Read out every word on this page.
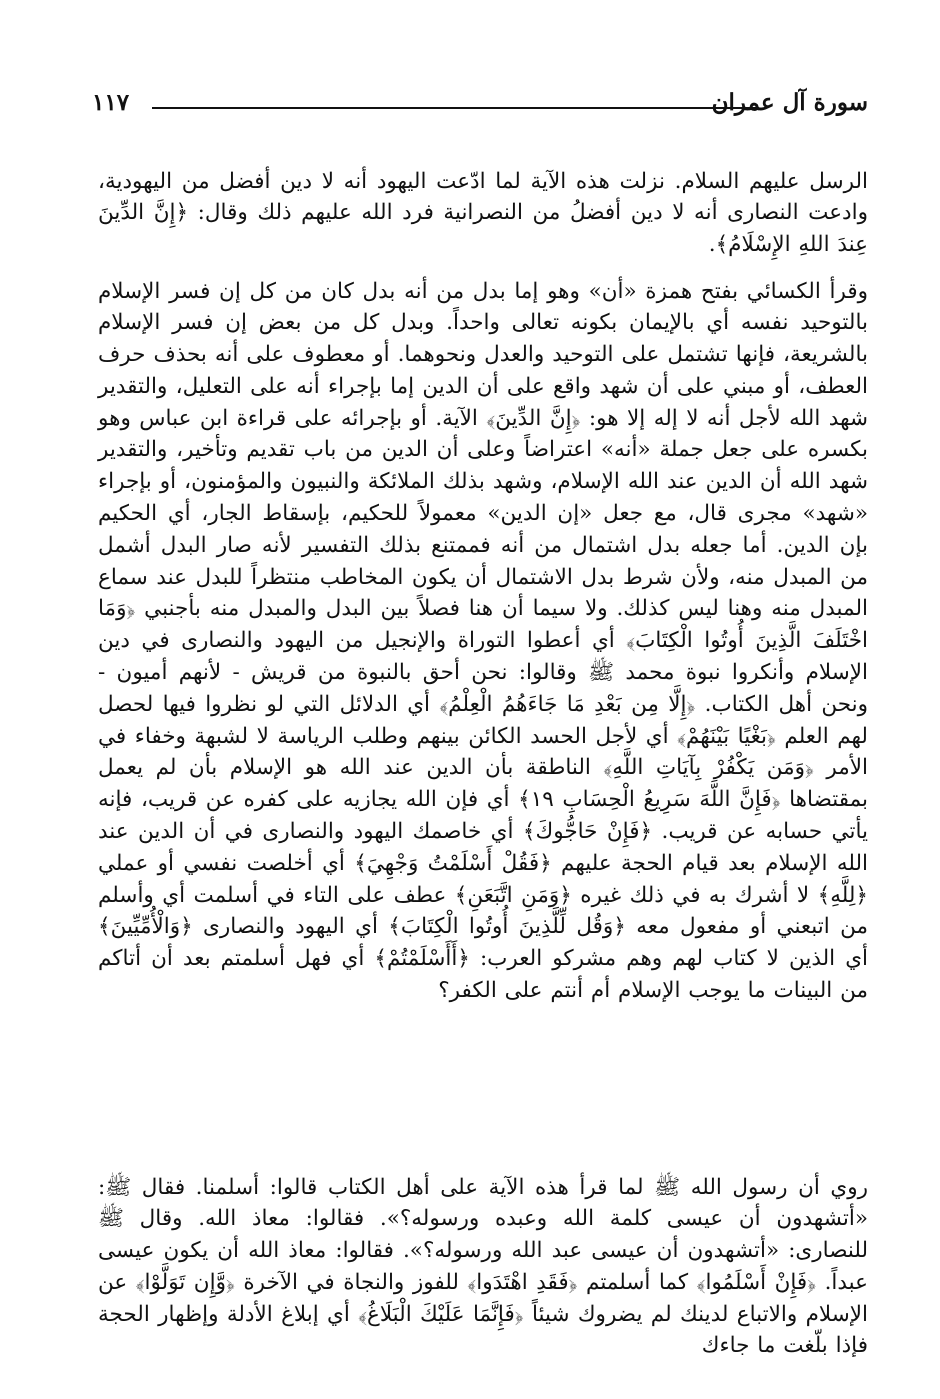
سورة آل عمران
١١٧

الرسل عليهم السلام. نزلت هذه الآية لما ادّعت اليهود أنه لا دين أفضل من اليهودية، وادعت النصارى أنه لا دين أفضلُ من النصرانية فرد الله عليهم ذلك وقال: ﴿إِنَّ الدِّينَ عِندَ اللهِ الإِسْلَامُ﴾.

وقرأ الكسائي بفتح همزة «أن» وهو إما بدل من أنه بدل كان من كل إن فسر الإسلام بالتوحيد نفسه أي بالإيمان بكونه تعالى واحداً. وبدل كل من بعض إن فسر الإسلام بالشريعة، فإنها تشتمل على التوحيد والعدل ونحوهما. أو معطوف على أنه بحذف حرف العطف، أو مبني على أن شهد واقع على أن الدين إما بإجراء أنه على التعليل، والتقدير شهد الله لأجل أنه لا إله إلا هو: ﴿إِنَّ الدِّينَ﴾ الآية. أو بإجرائه على قراءة ابن عباس وهو بكسره على جعل جملة «أنه» اعتراضاً وعلى أن الدين من باب تقديم وتأخير، والتقدير شهد الله أن الدين عند الله الإسلام، وشهد بذلك الملائكة والنبيون والمؤمنون، أو بإجراء «شهد» مجرى قال، مع جعل «إن الدين» معمولاً للحكيم، بإسقاط الجار، أي الحكيم بإن الدين. أما جعله بدل اشتمال من أنه فممتنع بذلك التفسير لأنه صار البدل أشمل من المبدل منه، ولأن شرط بدل الاشتمال أن يكون المخاطب منتظراً للبدل عند سماع المبدل منه وهنا ليس كذلك. ولا سيما أن هنا فصلاً بين البدل والمبدل منه بأجنبي ﴿وَمَا اخْتَلَفَ الَّذِينَ أُوتُوا الْكِتَابَ﴾ أي أعطوا التوراة والإنجيل من اليهود والنصارى في دين الإسلام وأنكروا نبوة محمد ﷺ وقالوا: نحن أحق بالنبوة من قريش - لأنهم أميون - ونحن أهل الكتاب. ﴿إِلَّا مِن بَعْدِ مَا جَاءَهُمُ الْعِلْمُ﴾ أي الدلائل التي لو نظروا فيها لحصل لهم العلم ﴿بَغْيًا بَيْنَهُمْ﴾ أي لأجل الحسد الكائن بينهم وطلب الرياسة لا لشبهة وخفاء في الأمر ﴿وَمَن يَكْفُرْ بِآيَاتِ اللَّهِ﴾ الناطقة بأن الدين عند الله هو الإسلام بأن لم يعمل بمقتضاها ﴿فَإِنَّ اللَّهَ سَرِيعُ الْحِسَابِ ١٩﴾ أي فإن الله يجازيه على كفره عن قريب، فإنه يأتي حسابه عن قريب. ﴿فَإِنْ حَاجُّوكَ﴾ أي خاصمك اليهود والنصارى في أن الدين عند الله الإسلام بعد قيام الحجة عليهم ﴿فَقُلْ أَسْلَمْتُ وَجْهِيَ﴾ أي أخلصت نفسي أو عملي ﴿لِلَّهِ﴾ لا أشرك به في ذلك غيره ﴿وَمَنِ اتَّبَعَنِ﴾ عطف على التاء في أسلمت أي وأسلم من اتبعني أو مفعول معه ﴿وَقُل لِّلَّذِينَ أُوتُوا الْكِتَابَ﴾ أي اليهود والنصارى ﴿وَالْأُمِّيِّينَ﴾ أي الذين لا كتاب لهم وهم مشركو العرب: ﴿أَأَسْلَمْتُمْ﴾ أي فهل أسلمتم بعد أن أتاكم من البينات ما يوجب الإسلام أم أنتم على الكفر؟

روي أن رسول الله ﷺ لما قرأ هذه الآية على أهل الكتاب قالوا: أسلمنا. فقال ﷺ: «أتشهدون أن عيسى كلمة الله وعبده ورسوله؟». فقالوا: معاذ الله. وقال ﷺ للنصارى: «أتشهدون أن عيسى عبد الله ورسوله؟». فقالوا: معاذ الله أن يكون عيسى عبداً. ﴿فَإِنْ أَسْلَمُوا﴾ كما أسلمتم ﴿فَقَدِ اهْتَدَوا﴾ للفوز والنجاة في الآخرة ﴿وَّإِن تَوَلَّوْا﴾ عن الإسلام والاتباع لدينك لم يضروك شيئاً ﴿فَإِنَّمَا عَلَيْكَ الْبَلَاغُ﴾ أي إبلاغ الأدلة وإظهار الحجة فإذا بلّغت ما جاءك
